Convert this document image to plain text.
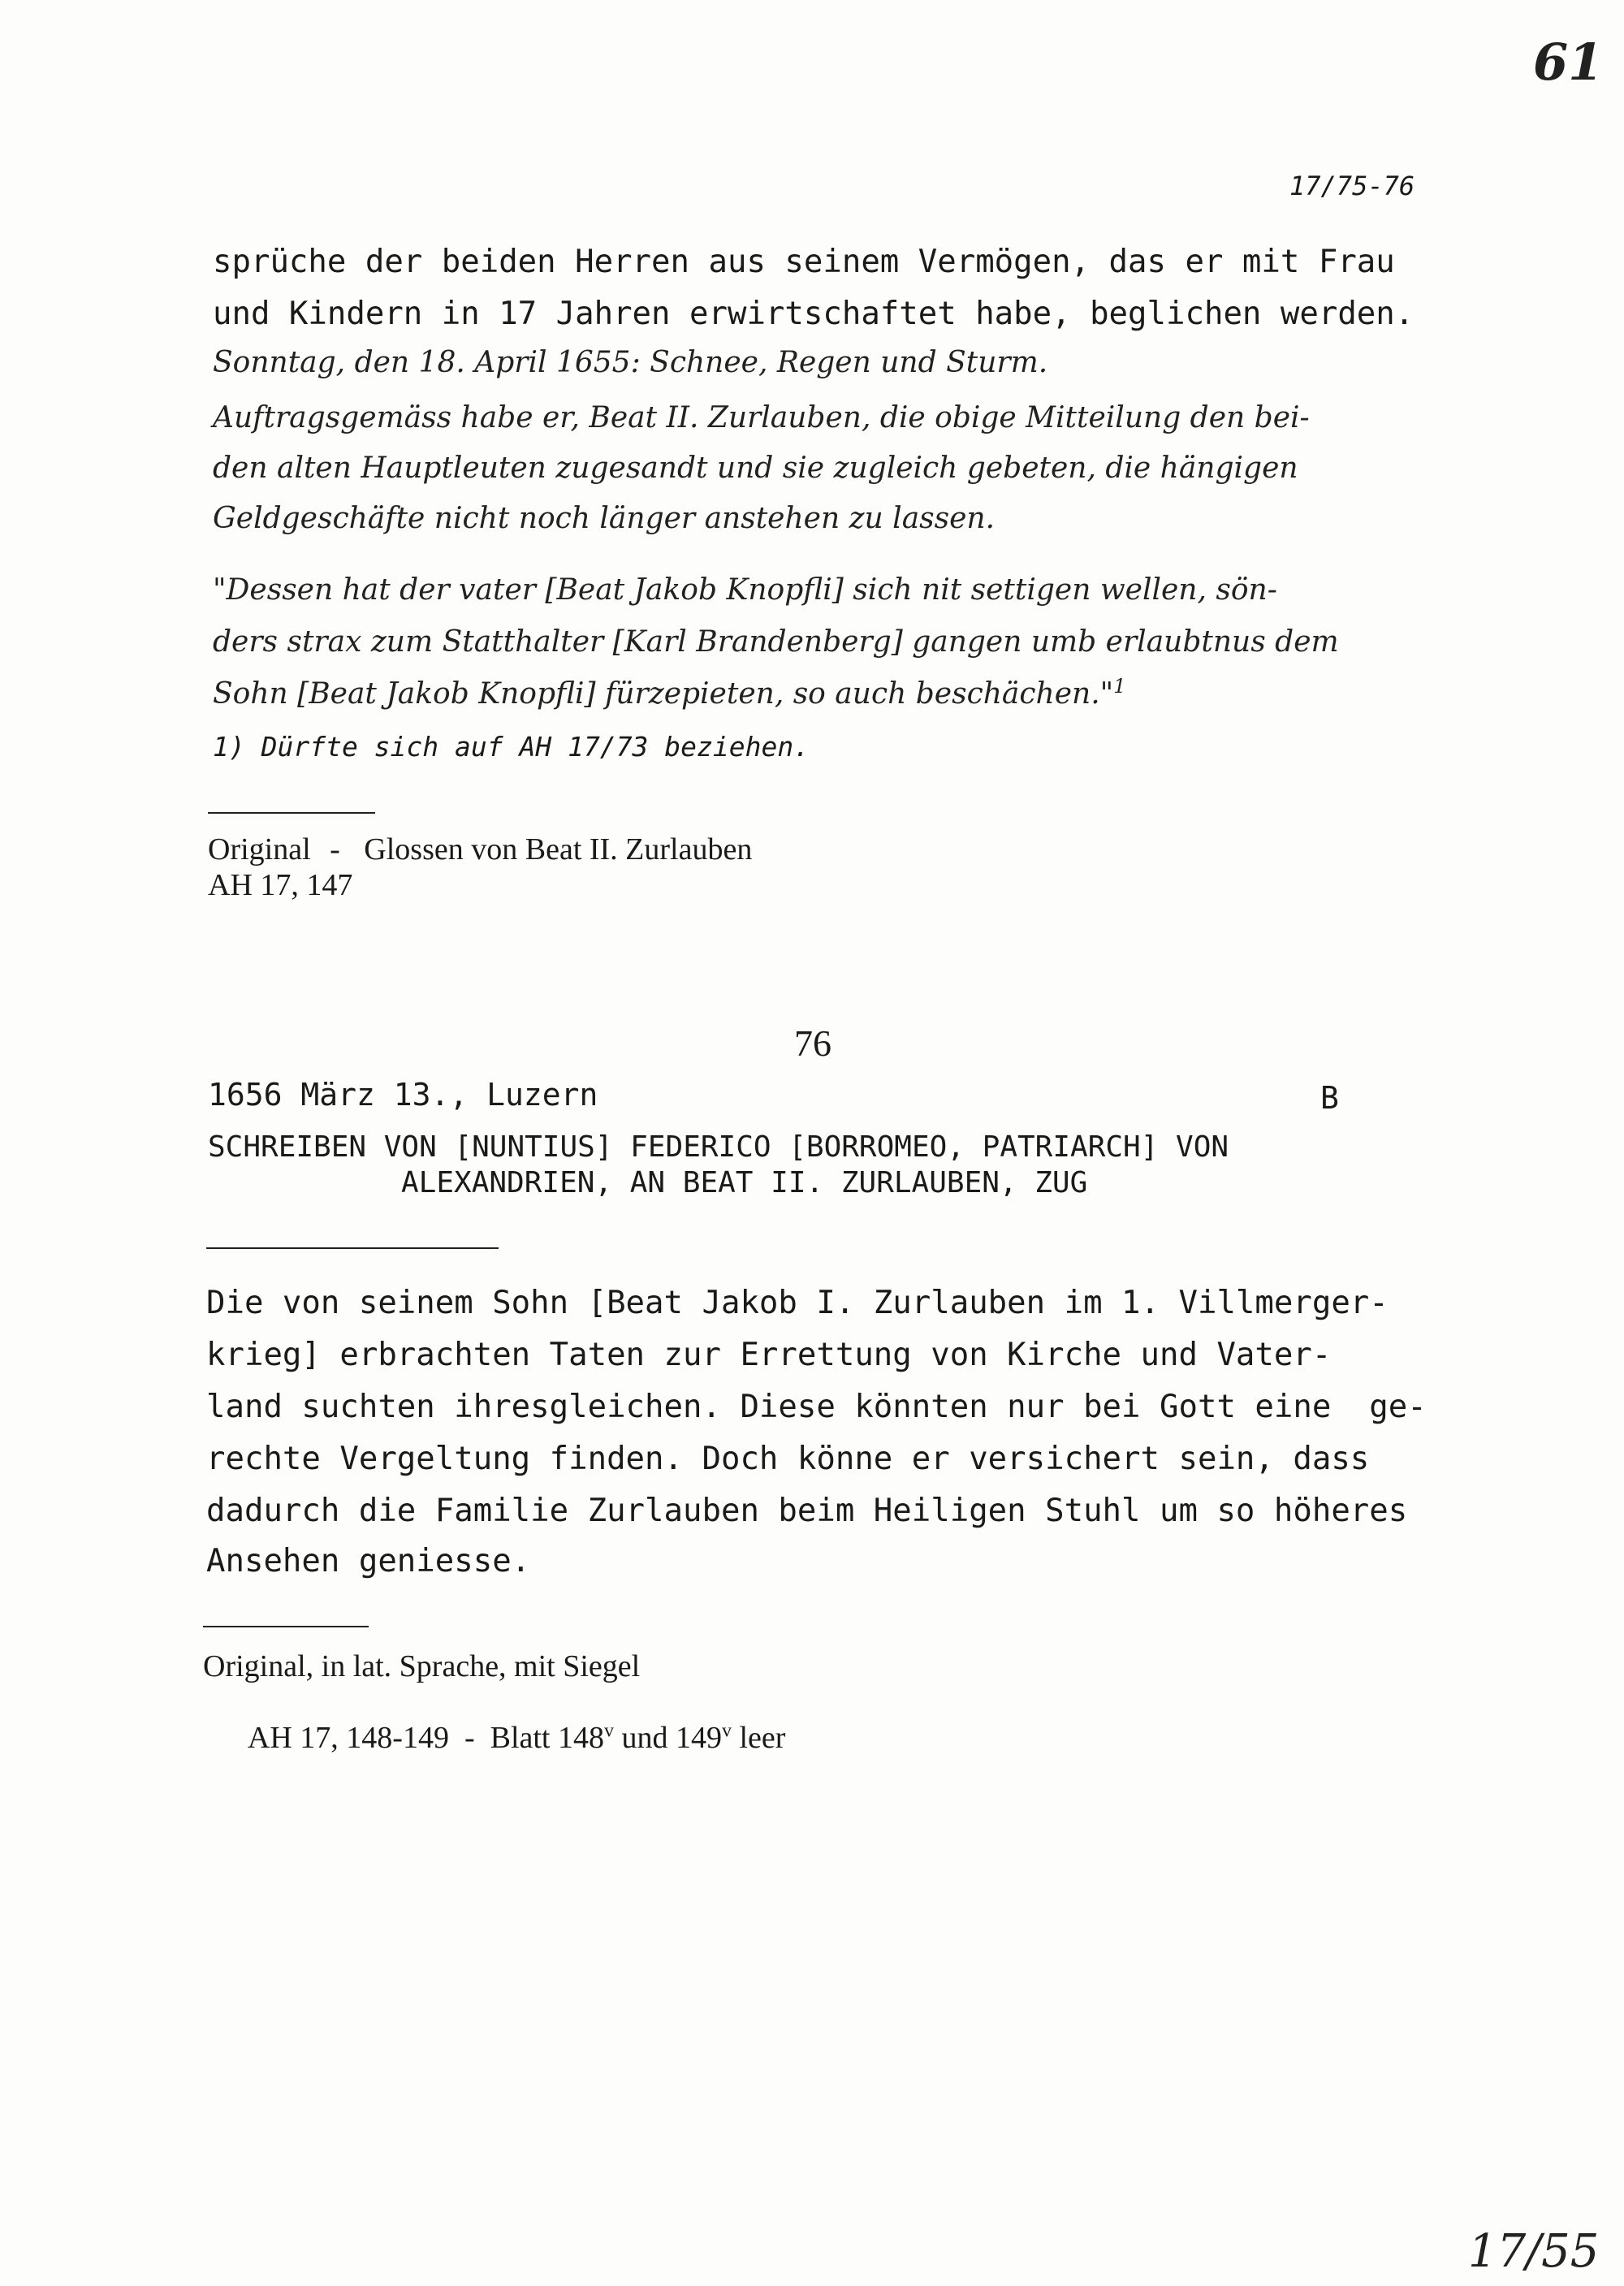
61
17/75-76
sprüche der beiden Herren aus seinem Vermögen, das er mit Frau
und Kindern in 17 Jahren erwirtschaftet habe, beglichen werden.
Sonntag, den 18. April 1655: Schnee, Regen und Sturm.
Auftragsgemäss habe er, Beat II. Zurlauben, die obige Mitteilung den bei-
den alten Hauptleuten zugesandt und sie zugleich gebeten, die hängigen
Geldgeschäfte nicht noch länger anstehen zu lassen.
"Dessen hat der vater [Beat Jakob Knopfli] sich nit settigen wellen, sön-
ders strax zum Statthalter [Karl Brandenberg] gangen umb erlaubtnus dem
Sohn [Beat Jakob Knopfli] fürzepieten, so auch beschächen."$^1$
1) Dürfte sich auf AH 17/73 beziehen.
Original - Glossen von Beat II. Zurlauben
AH 17, 147
76
1656 März 13., Luzern	B
SCHREIBEN VON [NUNTIUS] FEDERICO [BORROMEO, PATRIARCH] VON
ALEXANDRIEN, AN BEAT II. ZURLAUBEN, ZUG
Die von seinem Sohn [Beat Jakob I. Zurlauben im 1. Villmerger-
krieg] erbrachten Taten zur Errettung von Kirche und Vater-
land suchten ihresgleichen. Diese könnten nur bei Gott eine  ge-
rechte Vergeltung finden. Doch könne er versichert sein, dass
dadurch die Familie Zurlauben beim Heiligen Stuhl um so höheres
Ansehen geniesse.
Original, in lat. Sprache, mit Siegel

AH 17, 148-149  -  Blatt 148$^v$ und 149$^v$ leer

17/55
